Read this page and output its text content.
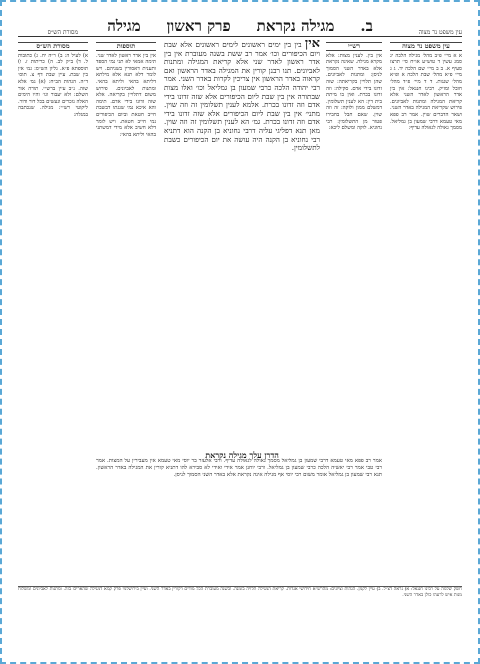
עין משפט נר מצוה
ב.
מגילה נקראת
פרק ראשון
מגילה
מסורת הש״ס
עין משפט נר מצוה
א א מיי׳ פ״ב מהל׳ מגילה הלכה יג סמג עשין ד טוש״ע או״ח סי׳ תרצז סעיף א. ב ב מיי׳ שם הלכה יד. ג ג מיי׳ פ״א מהל׳ שבת הלכה א ופ״א מהל׳ שגגות. ד ד מיי׳ פ״ד מהל׳ חובל ומזיק. רבינו חננאל: אין בין אדר הראשון לאדר השני אלא קריאת המגילה ומתנות לאביונים. פירוש שקריאת המגילה באדר השני. ושאר הדברים שוין. אמר רב פפא מאי טעמא דרבי שמעון בן גמליאל. מסמך גאולה לגאולה עדיף:
רש״י
אין בין. לענין מצות: אלא מקרא מגילה. שאינה נקראת אלא באדר השני הסמוך לניסן: ומתנות לאביונים. שהן תלויין בקריאתה: שזה זדונו בידי אדם. סקילה: וזה זדונו בכרת. ואין בו מיתת בית דין: הא לענין תשלומין. דמשלם ממון ולוקה: זה וזה שוין. שאם חבל בחבירו פטור מן התשלומין: רבי נחוניא. לוקה ומשלם ליכא:
אין בין בין ימים ראשונים לימים ראשונים אלא שבת ויום הכיפורים וכו׳ אמר רב ששת בשנה מעוברת אין בין אדר ראשון לאדר שני אלא קריאת המגילה ומתנות לאביונים. תנו רבנן קורין את המגילה באדר הראשון ואם קראוה באדר הראשון אין צריכין לקרות באדר השני. אמר רבי יהודה הלכה כרבי שמעון בן גמליאל וכו׳ ואלו מצות שבתורה אין בין שבת ליום הכיפורים אלא שזה זדונו בידי אדם וזה זדונו בכרת. אלמא לענין תשלומין זה וזה שוין. מתני׳ אין בין שבת ליום הכיפורים אלא שזה זדונו בידי אדם וזה זדונו בכרת. גמ׳ הא לענין תשלומין זה וזה שוין. מאן תנא דפליגי עליה דרבי נחוניא בן הקנה הוא דתניא רבי נחוניא בן הקנה היה עושה את יום הכיפורים כשבת לתשלומין.
הדרן עלך מגילה נקראת
תוספות
אין בין אדר ראשון לאדר שני. תימה אמאי לא תני נמי הספד ותענית דאסורין בשניהם. ויש לומר דלא תנא אלא מילתא דליתא בהאי וליתא בהאי. ומתנות לאביונים. פירוש משום דתלויין בקריאה. אלא שזה זדונו בידי אדם. תימה והא איכא נמי שגגתו דבשבת חייב חטאת וביום הכיפורים נמי חייב חטאת. ויש לומר דלא חשיב אלא מידי דמשתני בהאי וליתא בהאי:
מסורת הש״ס
א) לעיל ה: ב) ר״ה יח. ג) כתובות ל. ד) ב״ק לב. ה) כריתות ז. ו) תוספתא פ״א. גליון הש״ס: גמ׳ אין בין שבת. עיין שבת דף צ. תוס׳ ד״ה. הגהות הב״ח: (א) גמ׳ אלא שזה. נ״ב עיין ברש״י. תורה אור השלם: ולא יעבור וגו׳ והיו הימים האלה נזכרים ונעשים בכל דור ודור. ליקוטי רש״י: מגילה. שנכתבה במגלה:
אמר רב פפא מאי טעמא דרבי שמעון בן גמליאל מסמך גאולה לגאולה עדיף. ורבי אלעזר בר יוסי מאי טעמא אין מעבירין על המצות. אמר רבי טבי אמר רבי יאשיה הלכה כרבי שמעון בן גמליאל. ורבי יוחנן אמר אידי ואידי לא סבירא להו דתניא קורין את המגילה באדר הראשון. תנא רבי שמעון בן גמליאל אומר משום רבי יוסי אף מגילה אינה נקראת אלא באדר השני הסמוך לניסן.
חשק שלמה על רבינו חננאל: א) נראה דצ״ל. ב) עיין לקמן. הגהות וציונים: מהרש״א חידושי אגדות. קריאת המגילה תלויה בזמנה. ובשנה מעוברת הכל מודים דקורין באדר השני. ועיין בירושלמי פרק קמא דמגילה שהאריכו בזה. ומתנות לאביונים ומשלוח מנות איש לרעהו כולן באדר השני.
